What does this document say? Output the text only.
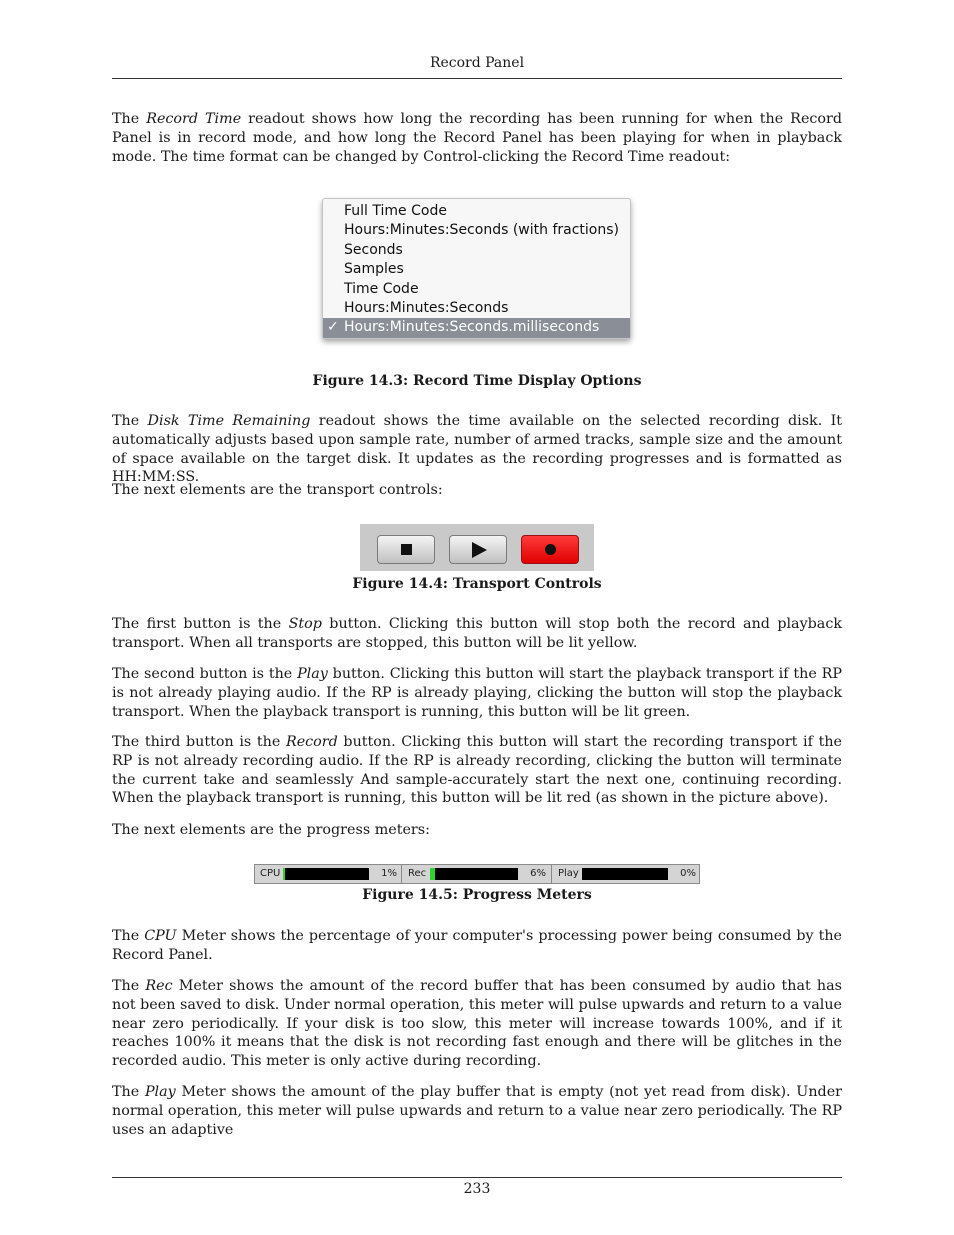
Record Panel

The Record Time readout shows how long the recording has been running for when the Record Panel is in record mode, and how long the Record Panel has been playing for when in playback mode. The time format can be changed by Control-clicking the Record Time readout:

Figure 14.3: Record Time Display Options

The Disk Time Remaining readout shows the time available on the selected recording disk. It automatically adjusts based upon sample rate, number of armed tracks, sample size and the amount of space available on the target disk. It updates as the recording progresses and is formatted as HH:MM:SS.

The next elements are the transport controls:

Figure 14.4: Transport Controls

The first button is the Stop button. Clicking this button will stop both the record and playback transport. When all transports are stopped, this button will be lit yellow.

The second button is the Play button. Clicking this button will start the playback transport if the RP is not already playing audio. If the RP is already playing, clicking the button will stop the playback transport. When the playback transport is running, this button will be lit green.

The third button is the Record button. Clicking this button will start the recording transport if the RP is not already recording audio. If the RP is already recording, clicking the button will terminate the current take and seamlessly And sample-accurately start the next one, continuing recording. When the playback transport is running, this button will be lit red (as shown in the picture above).

The next elements are the progress meters:

Figure 14.5: Progress Meters

The CPU Meter shows the percentage of your computer's processing power being consumed by the Record Panel.

The Rec Meter shows the amount of the record buffer that has been consumed by audio that has not been saved to disk. Under normal operation, this meter will pulse upwards and return to a value near zero periodically. If your disk is too slow, this meter will increase towards 100%, and if it reaches 100% it means that the disk is not recording fast enough and there will be glitches in the recorded audio. This meter is only active during recording.

The Play Meter shows the amount of the play buffer that is empty (not yet read from disk). Under normal operation, this meter will pulse upwards and return to a value near zero periodically. The RP uses an adaptive

233
Full Time Code
Hours:Minutes:Seconds (with fractions)
Seconds
Samples
Time Code
Hours:Minutes:Seconds
✓ Hours:Minutes:Seconds.milliseconds
CPU	1% Rec	6% Play	0%
